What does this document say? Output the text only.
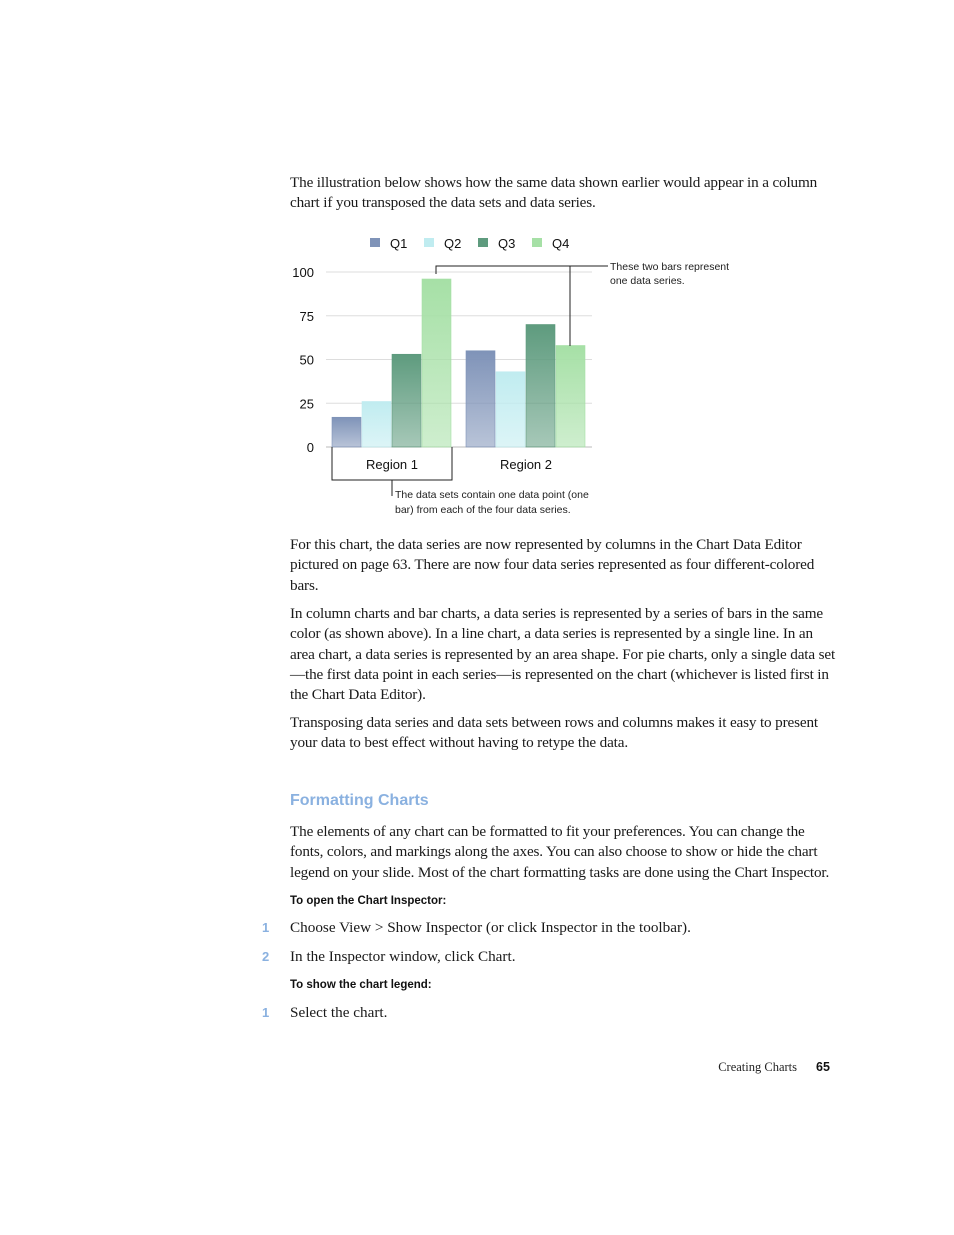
The illustration below shows how the same data shown earlier would appear in a column chart if you transposed the data sets and data series.

Q1	Q2	Q3	Q4
0
25
50
75
100
Region 1	Region 2
These two bars represent
one data series.
The data sets contain one data point (one
bar) from each of the four data series.

For this chart, the data series are now represented by columns in the Chart Data Editor pictured on page 63. There are now four data series represented as four different-colored bars.

In column charts and bar charts, a data series is represented by a series of bars in the same color (as shown above). In a line chart, a data series is represented by a single line. In an area chart, a data series is represented by an area shape. For pie charts, only a single data set—the first data point in each series—is represented on the chart (whichever is listed first in the Chart Data Editor).

Transposing data series and data sets between rows and columns makes it easy to present your data to best effect without having to retype the data.

Formatting Charts

The elements of any chart can be formatted to fit your preferences. You can change the fonts, colors, and markings along the axes. You can also choose to show or hide the chart legend on your slide. Most of the chart formatting tasks are done using the Chart Inspector.

To open the Chart Inspector:
1	Choose View > Show Inspector (or click Inspector in the toolbar).
2	In the Inspector window, click Chart.
To show the chart legend:
1	Select the chart.
Creating Charts 65
